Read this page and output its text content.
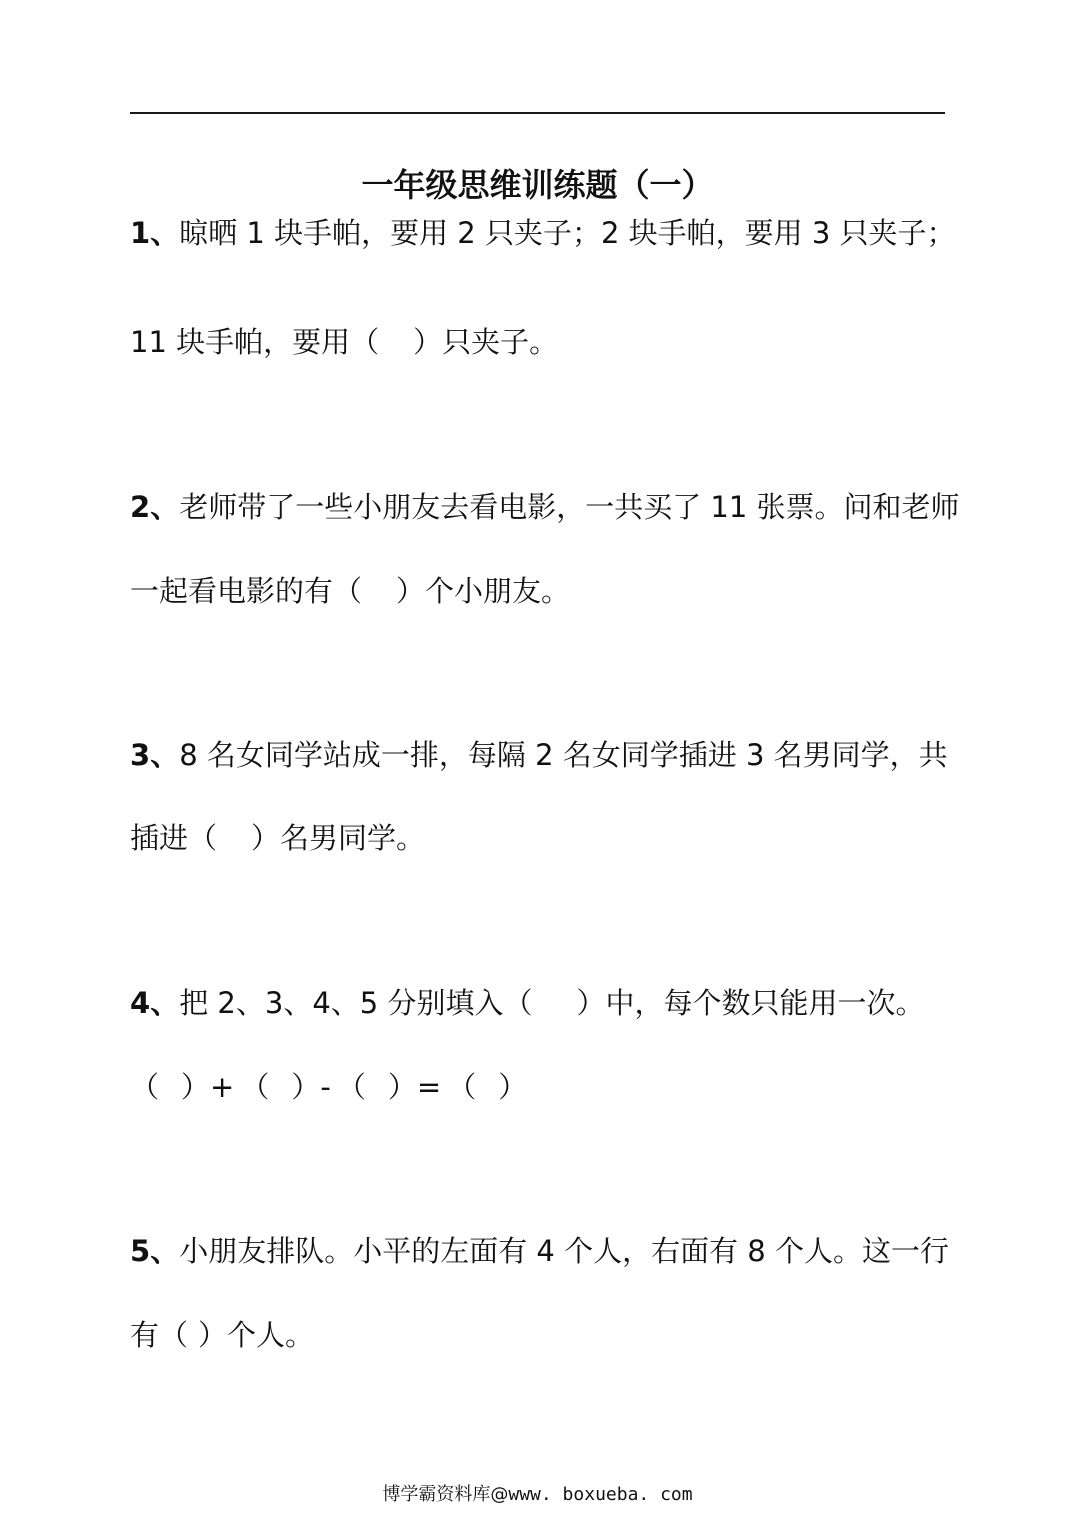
一年级思维训练题（一）
1、晾晒 1 块手帕，要用 2 只夹子；2 块手帕，要用 3 只夹子；
11 块手帕，要用（ ）只夹子。
2、老师带了一些小朋友去看电影，一共买了 11 张票。问和老师
一起看电影的有（ ）个小朋友。
3、8 名女同学站成一排，每隔 2 名女同学插进 3 名男同学，共
插进（ ）名男同学。
4、把 2、3、4、5 分别填入（ ）中，每个数只能用一次。
（ ）+ （ ）- （ ）= （ ）
5、小朋友排队。小平的左面有 4 个人，右面有 8 个人。这一行
有（ ）个人。
博学霸资料库@www. boxueba. com
